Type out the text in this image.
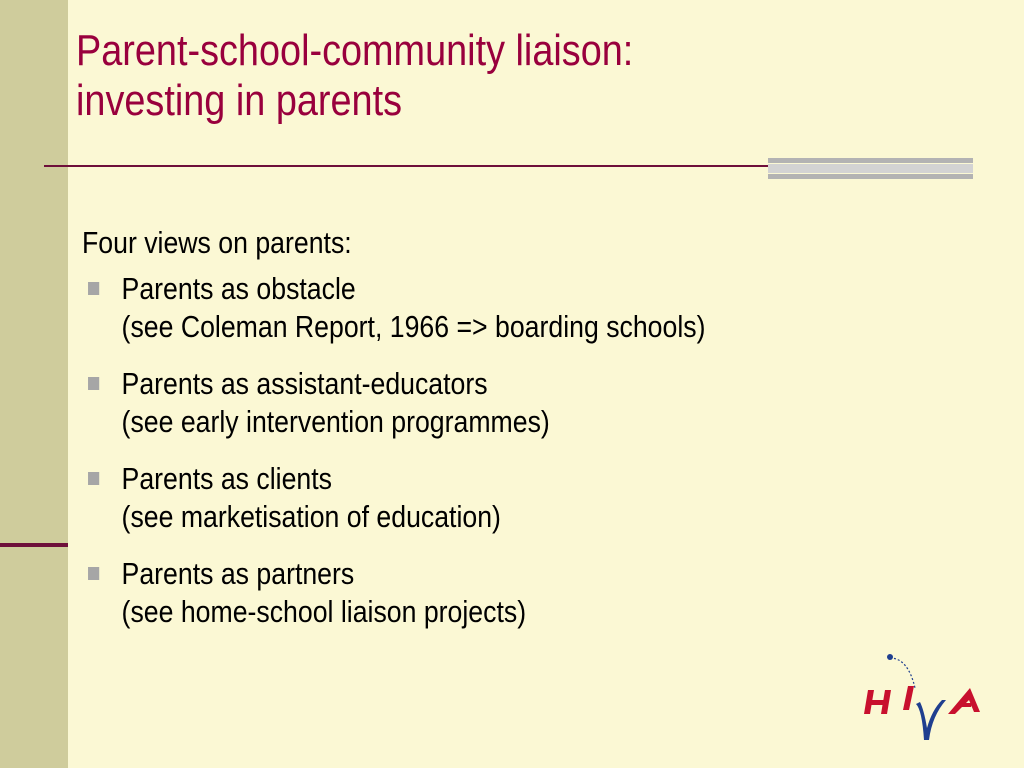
Parent-school-community liaison:
investing in parents

Four views on parents:

Parents as obstacle
(see Coleman Report, 1966 => boarding schools)
Parents as assistant-educators
(see early intervention programmes)
Parents as clients
(see marketisation of education)
Parents as partners
(see home-school liaison projects)
